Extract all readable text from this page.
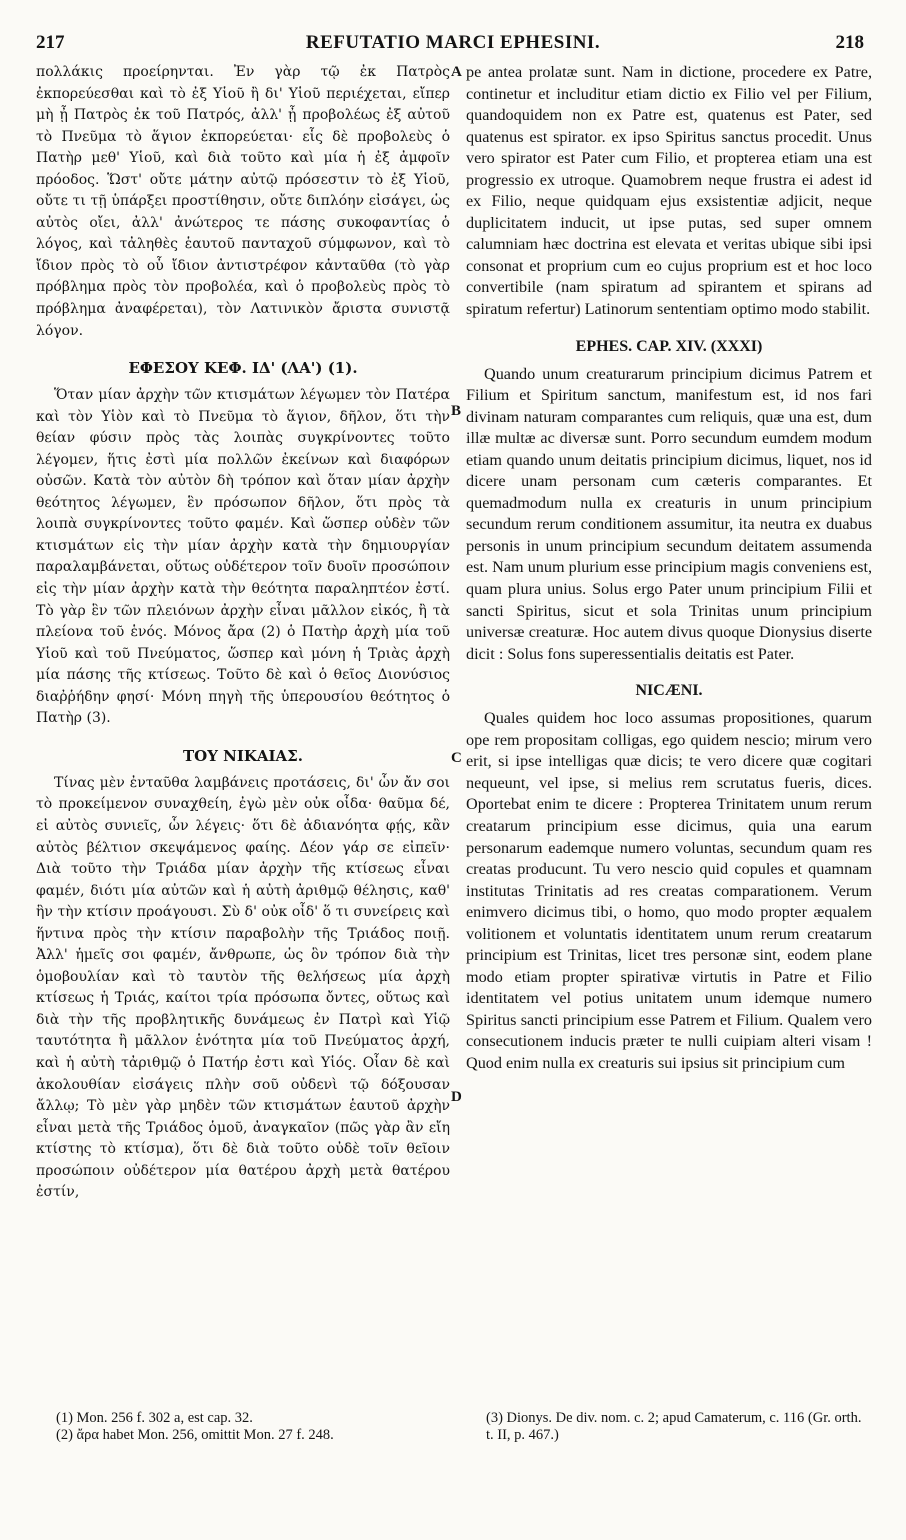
217	REFUTATIO MARCI EPHESINI.	218
A
B
C
D

πολλάκις προείρηνται. Ἐν γὰρ τῷ ἐκ Πατρὸς ἐκπορεύεσθαι καὶ τὸ ἐξ Υἱοῦ ἢ δι' Υἱοῦ περιέχεται, εἴπερ μὴ ᾖ Πατρὸς ἐκ τοῦ Πατρός, ἀλλ' ᾖ προβολέως ἐξ αὐτοῦ τὸ Πνεῦμα τὸ ἅγιον ἐκπορεύεται· εἷς δὲ προβολεὺς ὁ Πατὴρ μεθ' Υἱοῦ, καὶ διὰ τοῦτο καὶ μία ἡ ἐξ ἀμφοῖν πρόοδος. Ὥστ' οὔτε μάτην αὐτῷ πρόσεστιν τὸ ἐξ Υἱοῦ, οὔτε τι τῇ ὑπάρξει προστίθησιν, οὔτε διπλόην εἰσάγει, ὡς αὐτὸς οἴει, ἀλλ' ἀνώτερος τε πάσης συκοφαντίας ὁ λόγος, καὶ τἀληθὲς ἑαυτοῦ πανταχοῦ σύμφωνον, καὶ τὸ ἴδιον πρὸς τὸ οὗ ἴδιον ἀντιστρέφον κἀνταῦθα (τὸ γὰρ πρόβλημα πρὸς τὸν προβολέα, καὶ ὁ προβολεὺς πρὸς τὸ πρόβλημα ἀναφέρεται), τὸν Λατινικὸν ἄριστα συνιστᾷ λόγον.

ΕΦΕΣΟΥ ΚΕΦ. ΙΔ' (ΛΑ') (1).

Ὅταν μίαν ἀρχὴν τῶν κτισμάτων λέγωμεν τὸν Πατέρα καὶ τὸν Υἱὸν καὶ τὸ Πνεῦμα τὸ ἅγιον, δῆλον, ὅτι τὴν θείαν φύσιν πρὸς τὰς λοιπὰς συγκρίνοντες τοῦτο λέγομεν, ἥτις ἐστὶ μία πολλῶν ἐκείνων καὶ διαφόρων οὐσῶν. Κατὰ τὸν αὐτὸν δὴ τρόπον καὶ ὅταν μίαν ἀρχὴν θεότητος λέγωμεν, ἓν πρόσωπον δῆλον, ὅτι πρὸς τὰ λοιπὰ συγκρίνοντες τοῦτο φαμέν. Καὶ ὥσπερ οὐδὲν τῶν κτισμάτων εἰς τὴν μίαν ἀρχὴν κατὰ τὴν δημιουργίαν παραλαμβάνεται, οὕτως οὐδέτερον τοῖν δυοῖν προσώποιν εἰς τὴν μίαν ἀρχὴν κατὰ τὴν θεότητα παραληπτέον ἐστί. Τὸ γὰρ ἓν τῶν πλειόνων ἀρχὴν εἶναι μᾶλλον εἰκός, ἢ τὰ πλείονα τοῦ ἑνός. Μόνος ἄρα (2) ὁ Πατὴρ ἀρχὴ μία τοῦ Υἱοῦ καὶ τοῦ Πνεύματος, ὥσπερ καὶ μόνη ἡ Τριὰς ἀρχὴ μία πάσης τῆς κτίσεως. Τοῦτο δὲ καὶ ὁ θεῖος Διονύσιος διαῤῥήδην φησί· Μόνη πηγὴ τῆς ὑπερουσίου θεότητος ὁ Πατὴρ (3).

ΤΟΥ ΝΙΚΑΙΑΣ.

Τίνας μὲν ἐνταῦθα λαμβάνεις προτάσεις, δι' ὧν ἄν σοι τὸ προκείμενον συναχθείη, ἐγὼ μὲν οὐκ οἶδα· θαῦμα δέ, εἰ αὐτὸς συνιεῖς, ὧν λέγεις· ὅτι δὲ ἀδιανόητα φῄς, κἂν αὐτὸς βέλτιον σκεψάμενος φαίης. Δέον γάρ σε εἰπεῖν· Διὰ τοῦτο τὴν Τριάδα μίαν ἀρχὴν τῆς κτίσεως εἶναι φαμέν, διότι μία αὐτῶν καὶ ἡ αὐτὴ ἀριθμῷ θέλησις, καθ' ἣν τὴν κτίσιν προάγουσι. Σὺ δ' οὐκ οἶδ' ὅ τι συνείρεις καὶ ἥντινα πρὸς τὴν κτίσιν παραβολὴν τῆς Τριάδος ποιῇ. Ἀλλ' ἡμεῖς σοι φαμέν, ἄνθρωπε, ὡς ὃν τρόπον διὰ τὴν ὁμοβουλίαν καὶ τὸ ταυτὸν τῆς θελήσεως μία ἀρχὴ κτίσεως ἡ Τριάς, καίτοι τρία πρόσωπα ὄντες, οὕτως καὶ διὰ τὴν τῆς προβλητικῆς δυνάμεως ἐν Πατρὶ καὶ Υἱῷ ταυτότητα ἢ μᾶλλον ἑνότητα μία τοῦ Πνεύματος ἀρχή, καὶ ἡ αὐτὴ τἀριθμῷ ὁ Πατήρ ἐστι καὶ Υἱός. Οἷαν δὲ καὶ ἀκολουθίαν εἰσάγεις πλὴν σοῦ οὐδενὶ τῷ δόξουσαν ἄλλῳ; Τὸ μὲν γὰρ μηδὲν τῶν κτισμάτων ἑαυτοῦ ἀρχὴν εἶναι μετὰ τῆς Τριάδος ὁμοῦ, ἀναγκαῖον (πῶς γὰρ ἂν εἴη κτίστης τὸ κτίσμα), ὅτι δὲ διὰ τοῦτο οὐδὲ τοῖν θεῖοιν προσώποιν οὐδέτερον μία θατέρου ἀρχὴ μετὰ θατέρου ἐστίν,

pe antea prolatæ sunt. Nam in dictione, procedere ex Patre, continetur et includitur etiam dictio ex Filio vel per Filium, quandoquidem non ex Patre est, quatenus est Pater, sed quatenus est spirator. ex ipso Spiritus sanctus procedit. Unus verо spirator est Pater cum Filio, et propterea etiam una est progressio ex utroque. Quamobrem neque frustra ei adest id ex Filio, neque quidquam ejus exsistentiæ adjicit, neque duplicitatem inducit, ut ipse putas, sed super omnem calumniam hæc doctrina est elevata et veritas ubique sibi ipsi consonat et proprium cum eo cujus proprium est et hoc loco convertibile (nam spiratum ad spirantem et spirans ad spiratum refertur) Latinorum sententiam optimo modo stabilit.

EPHES. CAP. XIV. (XXXI)

Quando unum creaturarum principium dicimus Patrem et Filium et Spiritum sanctum, manifestum est, id nos fari divinam naturam comparantes cum reliquis, quæ una est, dum illæ multæ ac diversæ sunt. Porro secundum eumdem modum etiam quando unum deitatis principium dicimus, liquet, nos id dicere unam personam cum cæteris comparantes. Et quemadmodum nulla ex creaturis in unum principium secundum rerum conditionem assumitur, ita neutra ex duabus personis in unum principium secundum deitatem assumenda est. Nam unum plurium esse principium magis conveniens est, quam plura unius. Solus ergo Pater unum principium Filii et sancti Spiritus, sicut et sola Trinitas unum principium universæ creaturæ. Hoc autem divus quoque Dionysius diserte dicit : Solus fons superessentialis deitatis est Pater.

NICÆNI.

Quales quidem hoc loco assumas propositiones, quarum ope rem propositam colligas, ego quidem nescio; mirum vero erit, si ipse intelligas quæ dicis; te vero dicere quæ cogitari nequeunt, vel ipse, si melius rem scrutatus fueris, dices. Oportebat enim te dicere : Propterea Trinitatem unum rerum creatarum principium esse dicimus, quia una earum personarum eademque numero voluntas, secundum quam res creatas producunt. Tu vero nescio quid copules et quamnam institutas Trinitatis ad res creatas comparationem. Verum enimvero dicimus tibi, o homo, quo modo propter æqualem volitionem et voluntatis identitatem unum rerum creatarum principium est Trinitas, licet tres personæ sint, eodem plane modo etiam propter spirativæ virtutis in Patre et Filio identitatem vel potius unitatem unum idemque numero Spiritus sancti principium esse Patrem et Filium. Qualem vero consecutionem inducis præter te nulli cuipiam alteri visam ! Quod enim nulla ex creaturis sui ipsius sit principium cum

(1) Mon. 256 f. 302 a, est cap. 32.
(2) ἄρα habet Mon. 256, omittit Mon. 27 f. 248.
(3) Dionys. De div. nom. c. 2; apud Camaterum, c. 116 (Gr. orth. t. II, p. 467.)
